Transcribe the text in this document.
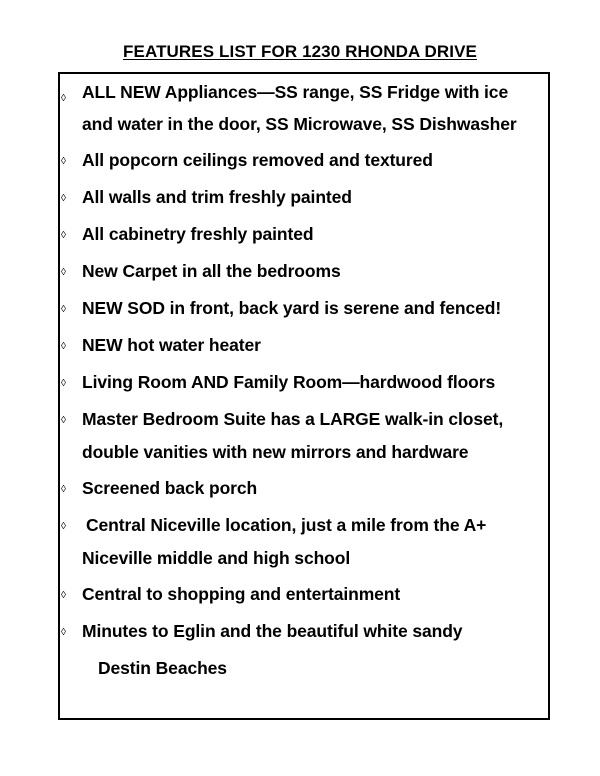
FEATURES LIST FOR 1230 RHONDA DRIVE
◊ ALL NEW Appliances—SS range, SS Fridge with ice
and water in the door, SS Microwave, SS Dishwasher
◊ All popcorn ceilings removed and textured
◊ All walls and trim freshly painted
◊ All cabinetry freshly painted
◊ New Carpet in all the bedrooms
◊ NEW SOD in front, back yard is serene and fenced!
◊ NEW hot water heater
◊ Living Room AND Family Room—hardwood floors
◊ Master Bedroom Suite has a LARGE walk-in closet,
double vanities with new mirrors and hardware
◊ Screened back porch
◊ Central Niceville location, just a mile from the A+
Niceville middle and high school
◊ Central to shopping and entertainment
◊ Minutes to Eglin and the beautiful white sandy
Destin Beaches
